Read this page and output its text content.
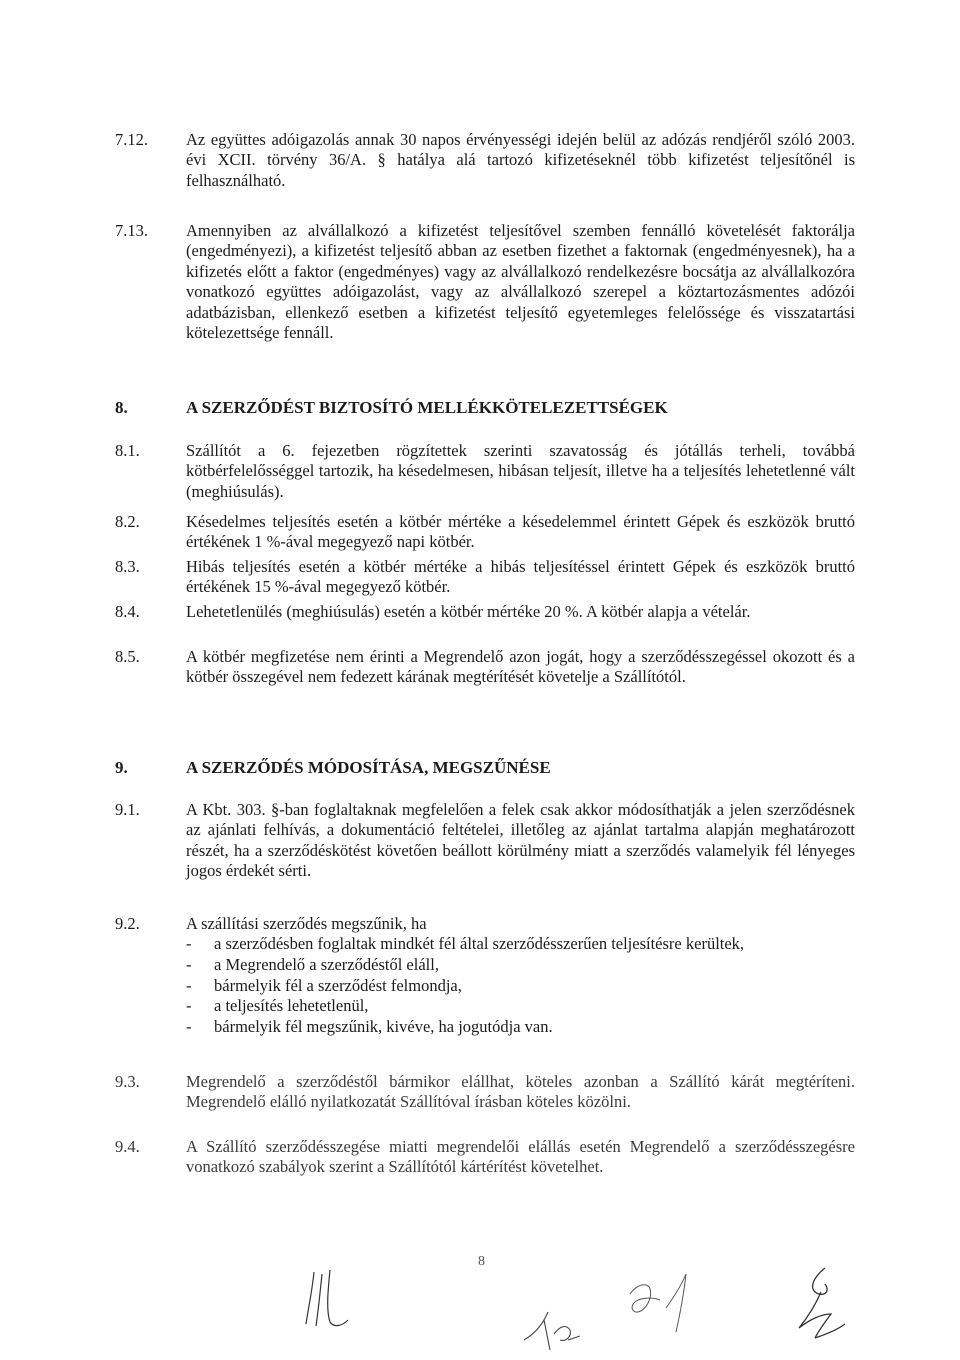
7.12. Az együttes adóigazolás annak 30 napos érvényességi idején belül az adózás rendjéről szóló 2003. évi XCII. törvény 36/A. § hatálya alá tartozó kifizetéseknél több kifizetést teljesítőnél is felhasználható.
7.13. Amennyiben az alvállalkozó a kifizetést teljesítővel szemben fennálló követelését faktorálja (engedményezi), a kifizetést teljesítő abban az esetben fizethet a faktornak (engedményesnek), ha a kifizetés előtt a faktor (engedményes) vagy az alvállalkozó rendelkezésre bocsátja az alvállalkozóra vonatkozó együttes adóigazolást, vagy az alvállalkozó szerepel a köztartozásmentes adózói adatbázisban, ellenkező esetben a kifizetést teljesítő egyetemleges felelőssége és visszatartási kötelezettsége fennáll.
8.	A SZERZŐDÉST BIZTOSÍTÓ MELLÉKKÖTELEZETTSÉGEK
8.1.	Szállítót a 6. fejezetben rögzítettek szerinti szavatosság és jótállás terheli, továbbá kötbérfelelősséggel tartozik, ha késedelmesen, hibásan teljesít, illetve ha a teljesítés lehetetlenné vált (meghiúsulás).
8.2.	Késedelmes teljesítés esetén a kötbér mértéke a késedelemmel érintett Gépek és eszközök bruttó értékének 1 %-ával megegyező napi kötbér.
8.3.	Hibás teljesítés esetén a kötbér mértéke a hibás teljesítéssel érintett Gépek és eszközök bruttó értékének 15 %-ával megegyező kötbér.
8.4.	Lehetetlenülés (meghiúsulás) esetén a kötbér mértéke 20 %. A kötbér alapja a vételár.
8.5.	A kötbér megfizetése nem érinti a Megrendelő azon jogát, hogy a szerződésszegéssel okozott és a kötbér összegével nem fedezett kárának megtérítését követelje a Szállítótól.
9.	A SZERZŐDÉS MÓDOSÍTÁSA, MEGSZŰNÉSE
9.1.	A Kbt. 303. §-ban foglaltaknak megfelelően a felek csak akkor módosíthatják a jelen szerződésnek az ajánlati felhívás, a dokumentáció feltételei, illetőleg az ajánlat tartalma alapján meghatározott részét, ha a szerződéskötést követően beállott körülmény miatt a szerződés valamelyik fél lényeges jogos érdekét sérti.
9.2.	A szállítási szerződés megszűnik, ha
- a szerződésben foglaltak mindkét fél által szerződésszerűen teljesítésre kerültek,
- a Megrendelő a szerződéstől eláll,
- bármelyik fél a szerződést felmondja,
- a teljesítés lehetetlenül,
- bármelyik fél megszűnik, kivéve, ha jogutódja van.
9.3.	Megrendelő a szerződéstől bármikor elállhat, köteles azonban a Szállító kárát megtéríteni. Megrendelő elálló nyilatkozatát Szállítóval írásban köteles közölni.
9.4.	A Szállító szerződésszegése miatti megrendelői elállás esetén Megrendelő a szerződésszegésre vonatkozó szabályok szerint a Szállítótól kártérítést követelhet.
8
